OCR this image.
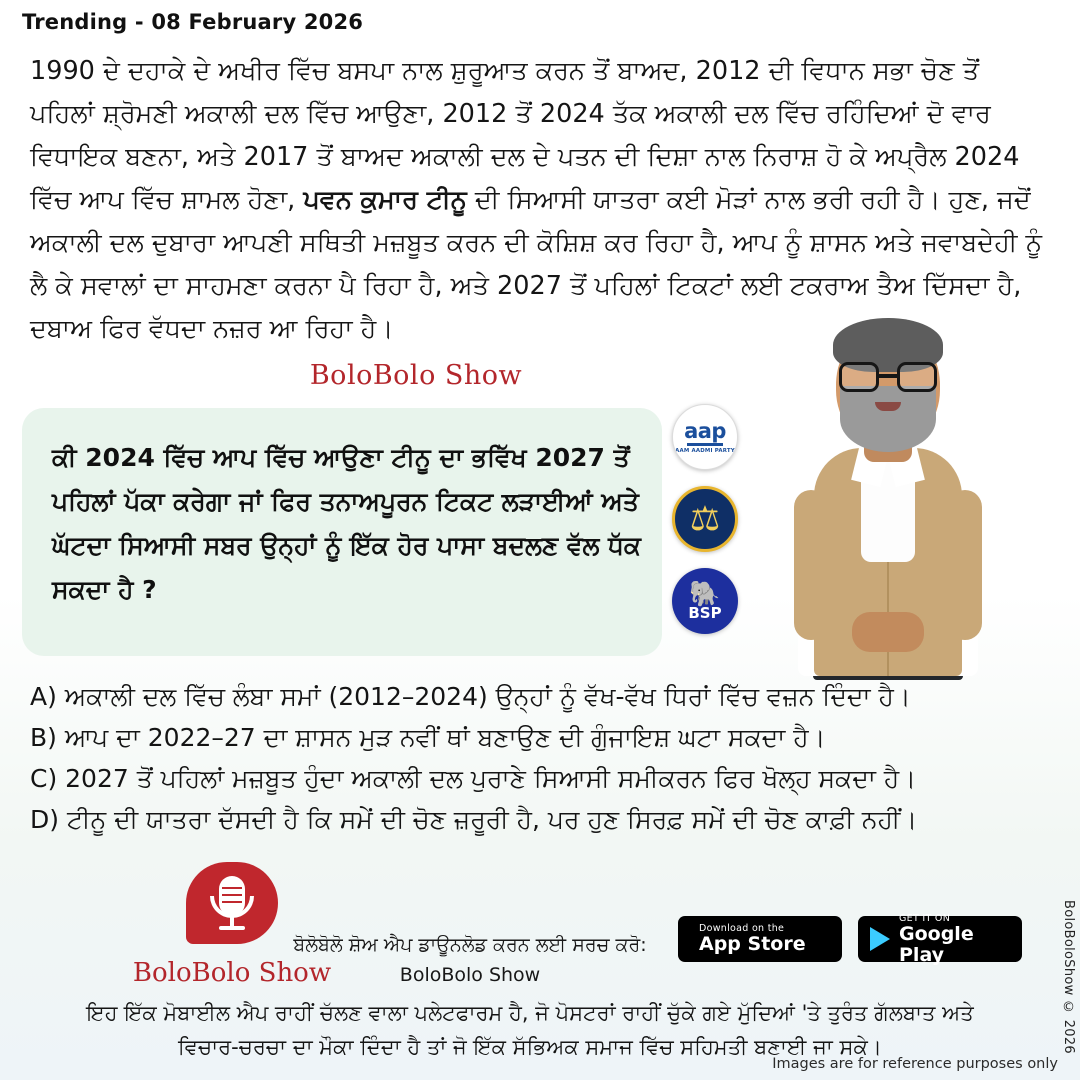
Trending - 08 February 2026
1990 ਦੇ ਦਹਾਕੇ ਦੇ ਅਖੀਰ ਵਿੱਚ ਬਸਪਾ ਨਾਲ ਸ਼ੁਰੂਆਤ ਕਰਨ ਤੋਂ ਬਾਅਦ, 2012 ਦੀ ਵਿਧਾਨ ਸਭਾ ਚੋਣ ਤੋਂ ਪਹਿਲਾਂ ਸ਼੍ਰੋਮਣੀ ਅਕਾਲੀ ਦਲ ਵਿੱਚ ਆਉਣਾ, 2012 ਤੋਂ 2024 ਤੱਕ ਅਕਾਲੀ ਦਲ ਵਿੱਚ ਰਹਿੰਦਿਆਂ ਦੋ ਵਾਰ ਵਿਧਾਇਕ ਬਣਨਾ, ਅਤੇ 2017 ਤੋਂ ਬਾਅਦ ਅਕਾਲੀ ਦਲ ਦੇ ਪਤਨ ਦੀ ਦਿਸ਼ਾ ਨਾਲ ਨਿਰਾਸ਼ ਹੋ ਕੇ ਅਪ੍ਰੈਲ 2024 ਵਿੱਚ ਆਪ ਵਿੱਚ ਸ਼ਾਮਲ ਹੋਣਾ, ਪਵਨ ਕੁਮਾਰ ਟੀਨੂ ਦੀ ਸਿਆਸੀ ਯਾਤਰਾ ਕਈ ਮੋੜਾਂ ਨਾਲ ਭਰੀ ਰਹੀ ਹੈ। ਹੁਣ, ਜਦੋਂ ਅਕਾਲੀ ਦਲ ਦੁਬਾਰਾ ਆਪਣੀ ਸਥਿਤੀ ਮਜ਼ਬੂਤ ਕਰਨ ਦੀ ਕੋਸ਼ਿਸ਼ ਕਰ ਰਿਹਾ ਹੈ, ਆਪ ਨੂੰ ਸ਼ਾਸਨ ਅਤੇ ਜਵਾਬਦੇਹੀ ਨੂੰ ਲੈ ਕੇ ਸਵਾਲਾਂ ਦਾ ਸਾਹਮਣਾ ਕਰਨਾ ਪੈ ਰਿਹਾ ਹੈ, ਅਤੇ 2027 ਤੋਂ ਪਹਿਲਾਂ ਟਿਕਟਾਂ ਲਈ ਟਕਰਾਅ ਤੈਅ ਦਿੱਸਦਾ ਹੈ, ਦਬਾਅ ਫਿਰ ਵੱਧਦਾ ਨਜ਼ਰ ਆ ਰਿਹਾ ਹੈ।
BoloBolo Show
ਕੀ 2024 ਵਿੱਚ ਆਪ ਵਿੱਚ ਆਉਣਾ ਟੀਨੂ ਦਾ ਭਵਿੱਖ 2027 ਤੋਂ ਪਹਿਲਾਂ ਪੱਕਾ ਕਰੇਗਾ ਜਾਂ ਫਿਰ ਤਨਾਅਪੂਰਨ ਟਿਕਟ ਲੜਾਈਆਂ ਅਤੇ ਘੱਟਦਾ ਸਿਆਸੀ ਸਬਰ ਉਨ੍ਹਾਂ ਨੂੰ ਇੱਕ ਹੋਰ ਪਾਸਾ ਬਦਲਣ ਵੱਲ ਧੱਕ ਸਕਦਾ ਹੈ ?
aap
AAM AADMI PARTY
⚖
🐘
BSP
A) ਅਕਾਲੀ ਦਲ ਵਿੱਚ ਲੰਬਾ ਸਮਾਂ (2012–2024) ਉਨ੍ਹਾਂ ਨੂੰ ਵੱਖ-ਵੱਖ ਧਿਰਾਂ ਵਿੱਚ ਵਜ਼ਨ ਦਿੰਦਾ ਹੈ।
B) ਆਪ ਦਾ 2022–27 ਦਾ ਸ਼ਾਸਨ ਮੁੜ ਨਵੀਂ ਥਾਂ ਬਣਾਉਣ ਦੀ ਗੁੰਜਾਇਸ਼ ਘਟਾ ਸਕਦਾ ਹੈ।
C) 2027 ਤੋਂ ਪਹਿਲਾਂ ਮਜ਼ਬੂਤ ਹੁੰਦਾ ਅਕਾਲੀ ਦਲ ਪੁਰਾਣੇ ਸਿਆਸੀ ਸਮੀਕਰਨ ਫਿਰ ਖੋਲ੍ਹ ਸਕਦਾ ਹੈ।
D) ਟੀਨੂ ਦੀ ਯਾਤਰਾ ਦੱਸਦੀ ਹੈ ਕਿ ਸਮੇਂ ਦੀ ਚੋਣ ਜ਼ਰੂਰੀ ਹੈ, ਪਰ ਹੁਣ ਸਿਰਫ਼ ਸਮੇਂ ਦੀ ਚੋਣ ਕਾਫ਼ੀ ਨਹੀਂ।
BoloBolo Show
ਬੋਲੋਬੋਲੋ ਸ਼ੋਅ ਐਪ ਡਾਊਨਲੋਡ ਕਰਨ ਲਈ ਸਰਚ ਕਰੋ:
BoloBolo Show
Download on the
App Store
GET IT ON
Google Play
ਇਹ ਇੱਕ ਮੋਬਾਈਲ ਐਪ ਰਾਹੀਂ ਚੱਲਣ ਵਾਲਾ ਪਲੇਟਫਾਰਮ ਹੈ, ਜੋ ਪੋਸਟਰਾਂ ਰਾਹੀਂ ਚੁੱਕੇ ਗਏ ਮੁੱਦਿਆਂ 'ਤੇ ਤੁਰੰਤ ਗੱਲਬਾਤ ਅਤੇ ਵਿਚਾਰ-ਚਰਚਾ ਦਾ ਮੌਕਾ ਦਿੰਦਾ ਹੈ ਤਾਂ ਜੋ ਇੱਕ ਸੱਭਿਅਕ ਸਮਾਜ ਵਿੱਚ ਸਹਿਮਤੀ ਬਣਾਈ ਜਾ ਸਕੇ।	BoloBoloShow © 2026
Images are for reference purposes only
